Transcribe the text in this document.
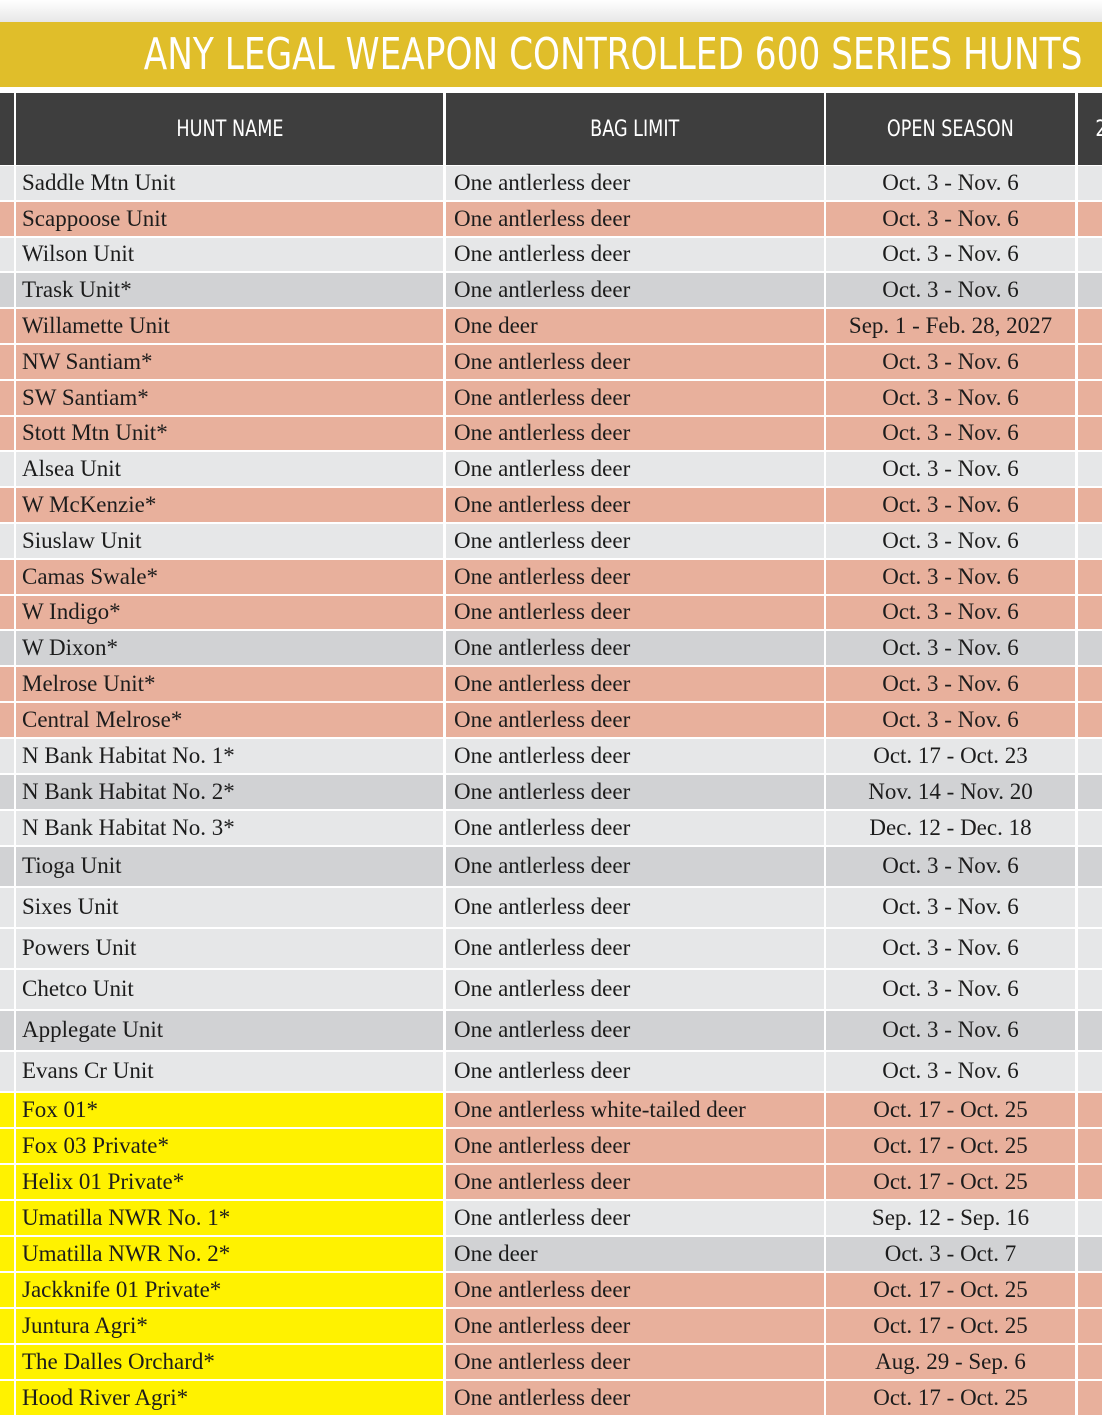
ANY LEGAL WEAPON CONTROLLED 600 SERIES HUNTS
HUNT NAME	BAG LIMIT	OPEN SEASON	2
Saddle Mtn Unit	One antlerless deer	Oct. 3 - Nov. 6
Scappoose Unit	One antlerless deer	Oct. 3 - Nov. 6
Wilson Unit	One antlerless deer	Oct. 3 - Nov. 6
Trask Unit*	One antlerless deer	Oct. 3 - Nov. 6
Willamette Unit	One deer	Sep. 1 - Feb. 28, 2027
NW Santiam*	One antlerless deer	Oct. 3 - Nov. 6
SW Santiam*	One antlerless deer	Oct. 3 - Nov. 6
Stott Mtn Unit*	One antlerless deer	Oct. 3 - Nov. 6
Alsea Unit	One antlerless deer	Oct. 3 - Nov. 6
W McKenzie*	One antlerless deer	Oct. 3 - Nov. 6
Siuslaw Unit	One antlerless deer	Oct. 3 - Nov. 6
Camas Swale*	One antlerless deer	Oct. 3 - Nov. 6
W Indigo*	One antlerless deer	Oct. 3 - Nov. 6
W Dixon*	One antlerless deer	Oct. 3 - Nov. 6
Melrose Unit*	One antlerless deer	Oct. 3 - Nov. 6
Central Melrose*	One antlerless deer	Oct. 3 - Nov. 6
N Bank Habitat No. 1*	One antlerless deer	Oct. 17 - Oct. 23
N Bank Habitat No. 2*	One antlerless deer	Nov. 14 - Nov. 20
N Bank Habitat No. 3*	One antlerless deer	Dec. 12 - Dec. 18
Tioga Unit	One antlerless deer	Oct. 3 - Nov. 6
Sixes Unit	One antlerless deer	Oct. 3 - Nov. 6
Powers Unit	One antlerless deer	Oct. 3 - Nov. 6
Chetco Unit	One antlerless deer	Oct. 3 - Nov. 6
Applegate Unit	One antlerless deer	Oct. 3 - Nov. 6
Evans Cr Unit	One antlerless deer	Oct. 3 - Nov. 6
Fox 01*	One antlerless white-tailed deer	Oct. 17 - Oct. 25
Fox 03 Private*	One antlerless deer	Oct. 17 - Oct. 25
Helix 01 Private*	One antlerless deer	Oct. 17 - Oct. 25
Umatilla NWR No. 1*	One antlerless deer	Sep. 12 - Sep. 16
Umatilla NWR No. 2*	One deer	Oct. 3 - Oct. 7
Jackknife 01 Private*	One antlerless deer	Oct. 17 - Oct. 25
Juntura Agri*	One antlerless deer	Oct. 17 - Oct. 25
The Dalles Orchard*	One antlerless deer	Aug. 29 - Sep. 6
Hood River Agri*	One antlerless deer	Oct. 17 - Oct. 25
